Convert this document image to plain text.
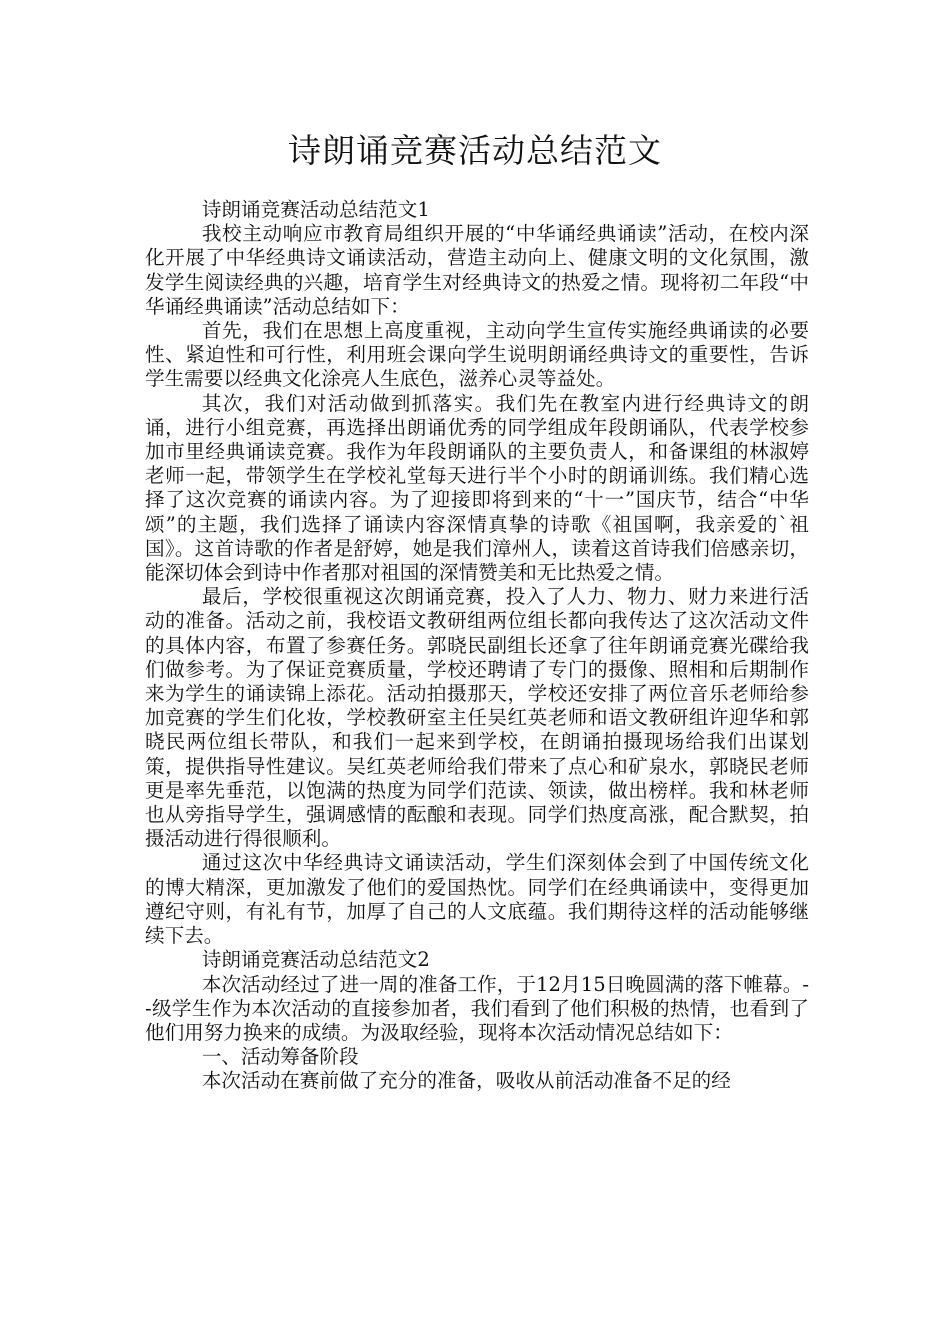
诗朗诵竞赛活动总结范文

诗朗诵竞赛活动总结范文1

我校主动响应市教育局组织开展的“中华诵经典诵读”活动，在校内深化开展了中华经典诗文诵读活动，营造主动向上、健康文明的文化氛围，激发学生阅读经典的兴趣，培育学生对经典诗文的热爱之情。现将初二年段“中华诵经典诵读”活动总结如下：

首先，我们在思想上高度重视，主动向学生宣传实施经典诵读的必要性、紧迫性和可行性，利用班会课向学生说明朗诵经典诗文的重要性，告诉学生需要以经典文化涂亮人生底色，滋养心灵等益处。

其次，我们对活动做到抓落实。我们先在教室内进行经典诗文的朗诵，进行小组竞赛，再选择出朗诵优秀的同学组成年段朗诵队，代表学校参加市里经典诵读竞赛。我作为年段朗诵队的主要负责人，和备课组的林淑婷老师一起，带领学生在学校礼堂每天进行半个小时的朗诵训练。我们精心选择了这次竞赛的诵读内容。为了迎接即将到来的“十一”国庆节，结合“中华颂”的主题，我们选择了诵读内容深情真挚的诗歌《祖国啊，我亲爱的`祖国》。这首诗歌的作者是舒婷，她是我们漳州人，读着这首诗我们倍感亲切，能深切体会到诗中作者那对祖国的深情赞美和无比热爱之情。

最后，学校很重视这次朗诵竞赛，投入了人力、物力、财力来进行活动的准备。活动之前，我校语文教研组两位组长都向我传达了这次活动文件的具体内容，布置了参赛任务。郭晓民副组长还拿了往年朗诵竞赛光碟给我们做参考。为了保证竞赛质量，学校还聘请了专门的摄像、照相和后期制作来为学生的诵读锦上添花。活动拍摄那天，学校还安排了两位音乐老师给参加竞赛的学生们化妆，学校教研室主任吴红英老师和语文教研组许迎华和郭晓民两位组长带队，和我们一起来到学校，在朗诵拍摄现场给我们出谋划策，提供指导性建议。吴红英老师给我们带来了点心和矿泉水，郭晓民老师更是率先垂范，以饱满的热度为同学们范读、领读，做出榜样。我和林老师也从旁指导学生，强调感情的酝酿和表现。同学们热度高涨，配合默契，拍摄活动进行得很顺利。

通过这次中华经典诗文诵读活动，学生们深刻体会到了中国传统文化的博大精深，更加激发了他们的爱国热忱。同学们在经典诵读中，变得更加遵纪守则，有礼有节，加厚了自己的人文底蕴。我们期待这样的活动能够继续下去。

诗朗诵竞赛活动总结范文2

本次活动经过了进一周的准备工作，于12月15日晚圆满的落下帷幕。--级学生作为本次活动的直接参加者，我们看到了他们积极的热情，也看到了他们用努力换来的成绩。为汲取经验，现将本次活动情况总结如下：

一、活动筹备阶段

本次活动在赛前做了充分的准备，吸收从前活动准备不足的经
